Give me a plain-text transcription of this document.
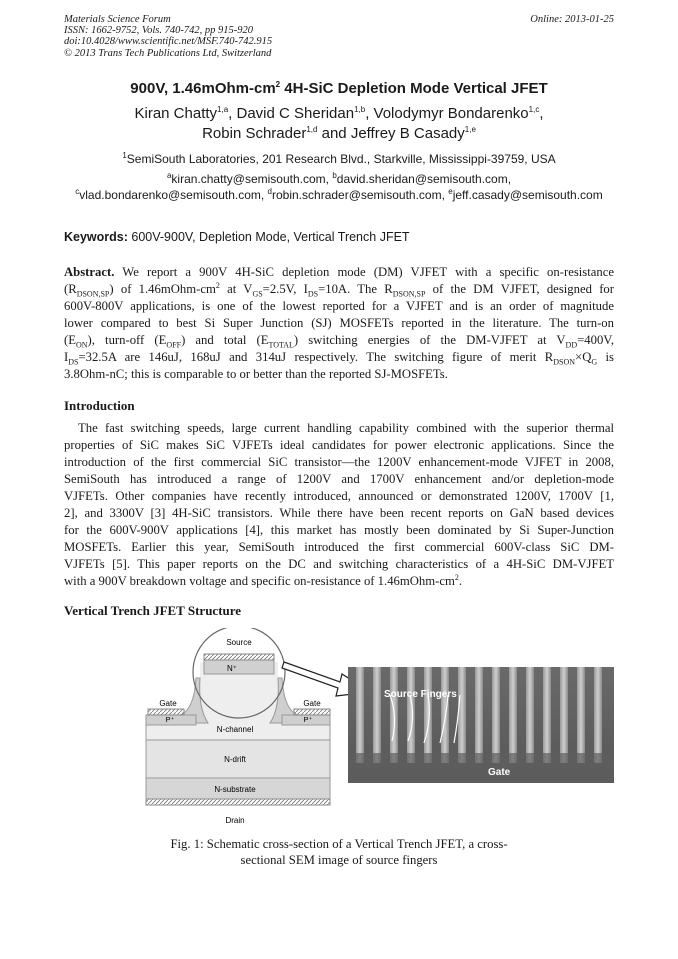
Materials Science Forum
ISSN: 1662-9752, Vols. 740-742, pp 915-920
doi:10.4028/www.scientific.net/MSF.740-742.915
© 2013 Trans Tech Publications Ltd, Switzerland
Online: 2013-01-25
900V, $1.46mOhm-cm^2$ 4H-SiC Depletion Mode Vertical JFET
Kiran Chatty$^{1,a}$, David C Sheridan$^{1,b}$, Volodymyr Bondarenko$^{1,c}$,
Robin Schrader$^{1,d}$ and Jeffrey B Casady$^{1,e}$
$^1$SemiSouth Laboratories, 201 Research Blvd., Starkville, Mississippi-39759, USA
$^a$kiran.chatty@semisouth.com, $^b$david.sheridan@semisouth.com,
$^c$vlad.bondarenko@semisouth.com, $^d$robin.schrader@semisouth.com, $^e$jeff.casady@semisouth.com
Keywords: 600V-900V, Depletion Mode, Vertical Trench JFET
Abstract. We report a 900V 4H-SiC depletion mode (DM) VJFET with a specific on-resistance
$(R_{DSON,SP})$ of $1.46mOhm-cm^2$ at $V_{GS}=2.5V$, $I_{DS}=10A$. The $R_{DSON,SP}$ of the DM VJFET, designed for
600V-800V applications, is one of the lowest reported for a VJFET and is an order of magnitude
lower compared to best Si Super Junction (SJ) MOSFETs reported in the literature. The turn-on
$(E_{ON})$, turn-off $(E_{OFF})$ and total $(E_{TOTAL})$ switching energies of the DM-VJFET at $V_{DD}=400V$,
$I_{DS}=32.5A$ are 146uJ, 168uJ and 314uJ respectively. The switching figure of merit $R_{DSON}\times Q_G$ is
3.8Ohm-nC; this is comparable to or better than the reported SJ-MOSFETs.
Introduction
The fast switching speeds, large current handling capability combined with the superior thermal
properties of SiC makes SiC VJFETs ideal candidates for power electronic applications. Since the
introduction of the first commercial SiC transistor—the 1200V enhancement-mode VJFET in 2008,
SemiSouth has introduced a range of 1200V and 1700V enhancement and/or depletion-mode
VJFETs. Other companies have recently introduced, announced or demonstrated 1200V, 1700V [1,
2], and 3300V [3] 4H-SiC transistors. While there have been recent reports on GaN based devices
for the 600V-900V applications [4], this market has mostly been dominated by Si Super-Junction
MOSFETs. Earlier this year, SemiSouth introduced the first commercial 600V-class SiC DM-
VJFETs [5]. This paper reports on the DC and switching characteristics of a 4H-SiC DM-VJFET
with a 900V breakdown voltage and specific on-resistance of $1.46mOhm-cm^2$.
Vertical Trench JFET Structure
Source
N⁺
Gate	Gate
P⁺	P⁺
N-channel
N-drift
N-substrate
Drain
Source Fingers
Gate
Fig. 1: Schematic cross-section of a Vertical Trench JFET, a cross-
sectional SEM image of source fingers
